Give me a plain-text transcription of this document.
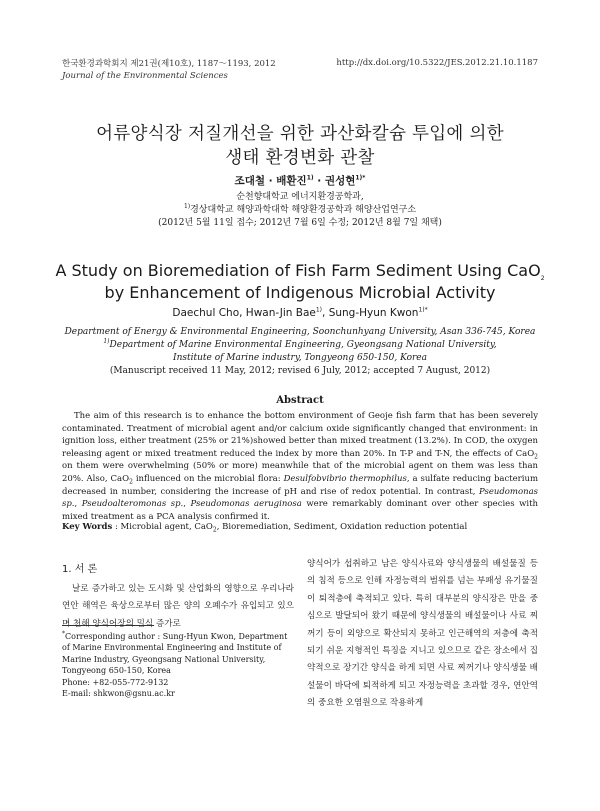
한국환경과학회지 제21권(제10호), 1187～1193, 2012
Journal of the Environmental Sciences
http://dx.doi.org/10.5322/JES.2012.21.10.1187
어류양식장 저질개선을 위한 과산화칼슘 투입에 의한
생태 환경변화 관찰
조대철 · 배환진$^{1)}$ · 권성현$^{1)*}$
순천향대학교 에너지환경공학과,
$^{1)}$경상대학교 해양과학대학 해양환경공학과 해양산업연구소
(2012년 5월 11일 접수; 2012년 7월 6일 수정; 2012년 8월 7일 채택)
A Study on Bioremediation of Fish Farm Sediment Using CaO$_2$
by Enhancement of Indigenous Microbial Activity
Daechul Cho, Hwan-Jin Bae$^{1)}$, Sung-Hyun Kwon$^{1)*}$
Department of Energy & Environmental Engineering, Soonchunhyang University, Asan 336-745, Korea
$^{1)}$Department of Marine Environmental Engineering, Gyeongsang National University,
Institute of Marine industry, Tongyeong 650-150, Korea
(Manuscript received 11 May, 2012; revised 6 July, 2012; accepted 7 August, 2012)
Abstract

The aim of this research is to enhance the bottom environment of Geoje fish farm that has been severely contaminated. Treatment of microbial agent and/or calcium oxide significantly changed that environment: in ignition loss, either treatment (25% or 21%)showed better than mixed treatment (13.2%). In COD, the oxygen releasing agent or mixed treatment reduced the index by more than 20%. In T-P and T-N, the effects of CaO$_2$ on them were overwhelming (50% or more) meanwhile that of the microbial agent on them was less than 20%. Also, CaO$_2$ influenced on the microbial flora: Desulfobvibrio thermophilus, a sulfate reducing bacterium decreased in number, considering the increase of pH and rise of redox potential. In contrast, Pseudomonas sp., Pseudoalteromonas sp., Pseudomonas aeruginosa were remarkably dominant over other species with mixed treatment as a PCA analysis confirmed it.

Key Words : Microbial agent, CaO$_2$, Bioremediation, Sediment, Oxidation reduction potential

1. 서 론

날로 증가하고 있는 도시화 및 산업화의 영향으로 우리나라 연안 해역은 육상으로부터 많은 양의 오폐수가 유입되고 있으며 천해 양식어장의 밀식 증가로

*Corresponding author : Sung-Hyun Kwon, Department of Marine Environmental Engineering and Institute of Marine Industry, Gyeongsang National University, Tongyeong 650-150, Korea
Phone: +82-055-772-9132
E-mail: shkwon@gsnu.ac.kr

양식어가 섭취하고 남은 양식사료와 양식생물의 배설물질 등의 침적 등으로 인해 자정능력의 범위를 넘는 부패성 유기물질이 퇴적층에 축적되고 있다. 특히 대부분의 양식장은 만을 중심으로 발달되어 왔기 때문에 양식생물의 배설물이나 사료 찌꺼기 등이 외양으로 확산되지 못하고 인근해역의 저층에 축적되기 쉬운 지형적인 특징을 지니고 있으므로 같은 장소에서 집약적으로 장기간 양식을 하게 되면 사료 찌꺼기나 양식생물 배설물이 바닥에 퇴적하게 되고 자정능력을 초과할 경우, 연안역의 중요한 오염원으로 작용하게
